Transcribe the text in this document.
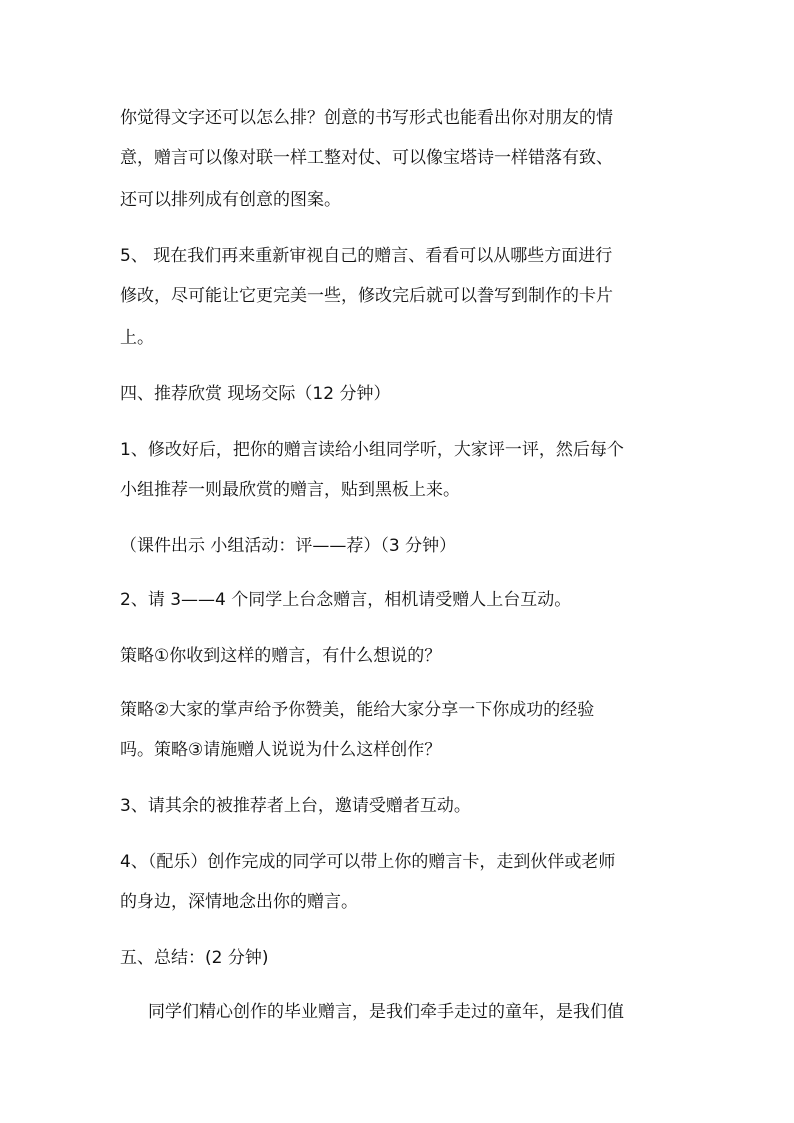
你觉得文字还可以怎么排？创意的书写形式也能看出你对朋友的情
意，赠言可以像对联一样工整对仗、可以像宝塔诗一样错落有致、
还可以排列成有创意的图案。
5、 现在我们再来重新审视自己的赠言、看看可以从哪些方面进行
修改，尽可能让它更完美一些，修改完后就可以誊写到制作的卡片
上。
四、推荐欣赏 现场交际（12 分钟）
1、修改好后，把你的赠言读给小组同学听，大家评一评，然后每个
小组推荐一则最欣赏的赠言，贴到黑板上来。
（课件出示 小组活动：评——荐）（3 分钟）
2、请 3——4 个同学上台念赠言，相机请受赠人上台互动。
策略①你收到这样的赠言，有什么想说的？
策略②大家的掌声给予你赞美，能给大家分享一下你成功的经验
吗。策略③请施赠人说说为什么这样创作？
3、请其余的被推荐者上台，邀请受赠者互动。
4、（配乐）创作完成的同学可以带上你的赠言卡，走到伙伴或老师
的身边，深情地念出你的赠言。
五、总结：(2 分钟)
同学们精心创作的毕业赠言，是我们牵手走过的童年，是我们值
